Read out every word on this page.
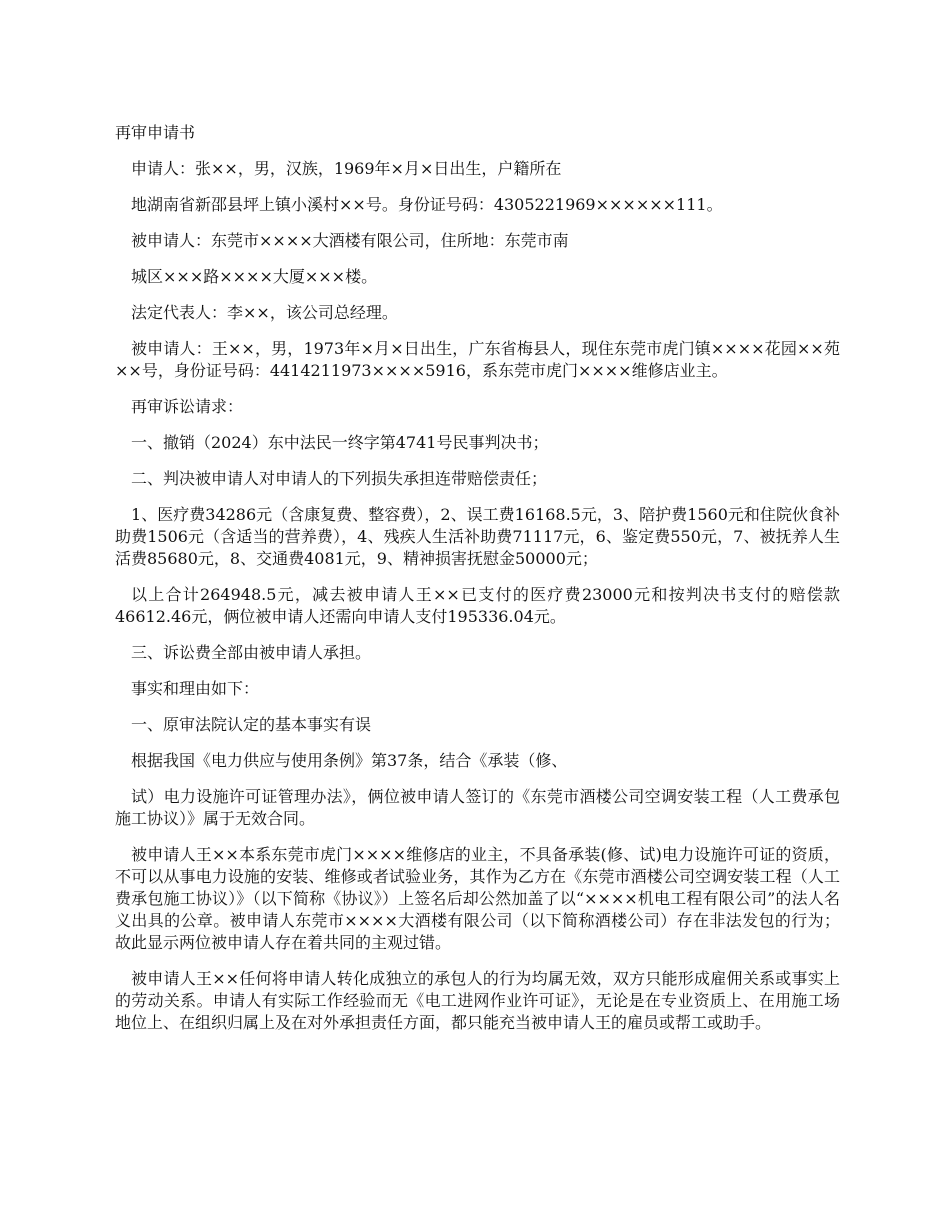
再审申请书

申请人：张××，男，汉族，1969年×月×日出生，户籍所在

地湖南省新邵县坪上镇小溪村××号。身份证号码：4305221969××××××111。

被申请人：东莞市××××大酒楼有限公司，住所地：东莞市南

城区×××路××××大厦×××楼。

法定代表人：李××，该公司总经理。

被申请人：王××，男，1973年×月×日出生，广东省梅县人，现住东莞市虎门镇××××花园××苑××号，身份证号码：4414211973××××5916，系东莞市虎门××××维修店业主。

再审诉讼请求：

一、撤销（2024）东中法民一终字第4741号民事判决书；

二、判决被申请人对申请人的下列损失承担连带赔偿责任；

1、医疗费34286元（含康复费、整容费），2、误工费16168.5元，3、陪护费1560元和住院伙食补助费1506元（含适当的营养费），4、残疾人生活补助费71117元，6、鉴定费550元，7、被抚养人生活费85680元，8、交通费4081元，9、精神损害抚慰金50000元；

以上合计264948.5元，减去被申请人王××已支付的医疗费23000元和按判决书支付的赔偿款46612.46元，俩位被申请人还需向申请人支付195336.04元。

三、诉讼费全部由被申请人承担。

事实和理由如下：

一、原审法院认定的基本事实有误

根据我国《电力供应与使用条例》第37条，结合《承装（修、

试）电力设施许可证管理办法》，俩位被申请人签订的《东莞市酒楼公司空调安装工程（人工费承包施工协议）》属于无效合同。

被申请人王××本系东莞市虎门××××维修店的业主，不具备承装(修、试)电力设施许可证的资质，不可以从事电力设施的安装、维修或者试验业务，其作为乙方在《东莞市酒楼公司空调安装工程（人工费承包施工协议）》（以下简称《协议》）上签名后却公然加盖了以“××××机电工程有限公司”的法人名义出具的公章。被申请人东莞市××××大酒楼有限公司（以下简称酒楼公司）存在非法发包的行为；故此显示两位被申请人存在着共同的主观过错。

被申请人王××任何将申请人转化成独立的承包人的行为均属无效，双方只能形成雇佣关系或事实上的劳动关系。申请人有实际工作经验而无《电工进网作业许可证》，无论是在专业资质上、在用施工场地位上、在组织归属上及在对外承担责任方面，都只能充当被申请人王的雇员或帮工或助手。
